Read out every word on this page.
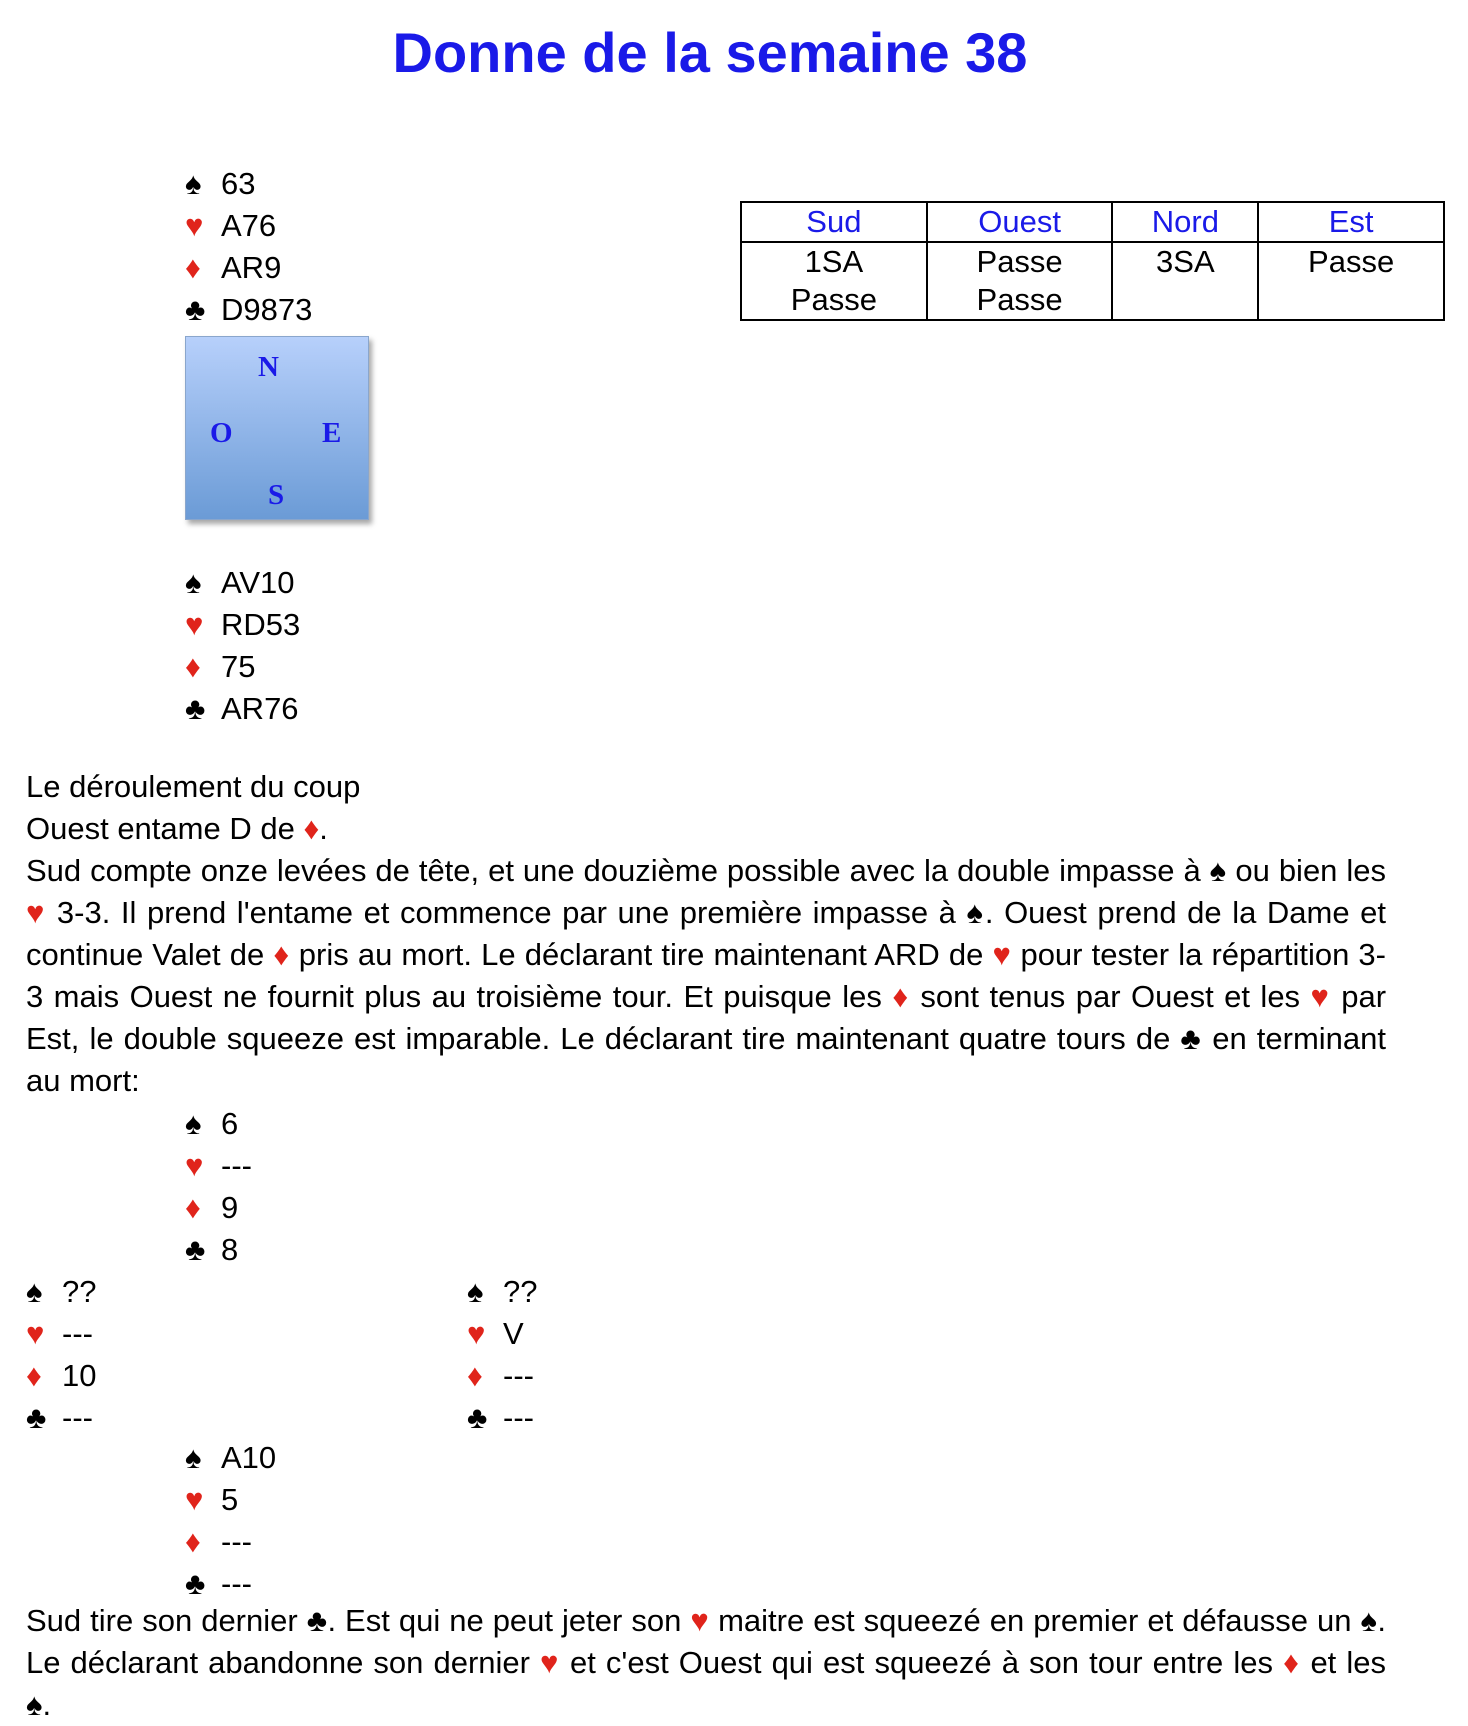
Donne de la semaine 38
♠ 63
♥ A76
♦ AR9
♣ D9873
N
O	E
S
♠ AV10
♥ RD53
♦ 75
♣ AR76
Sud	Ouest	Nord	Est
1SA	Passe	3SA	Passe
Passe	Passe		

Le déroulement du coup

Ouest entame D de ♦.

Sud compte onze levées de tête, et une douzième possible avec la double impasse à ♠ ou bien les ♥ 3-3. Il prend l'entame et commence par une première impasse à ♠. Ouest prend de la Dame et continue Valet de ♦ pris au mort. Le déclarant tire maintenant ARD de ♥ pour tester la répartition 3-3 mais Ouest ne fournit plus au troisième tour. Et puisque les ♦ sont tenus par Ouest et les ♥ par Est, le double squeeze est imparable. Le déclarant tire maintenant quatre tours de ♣ en terminant au mort:

♠ 6
♥ ---
♦ 9
♣ 8
♠ ??
♥ ---
♦ 10
♣ ---
♠ ??
♥ V
♦ ---
♣ ---
♠ A10
♥ 5
♦ ---
♣ ---

Sud tire son dernier ♣. Est qui ne peut jeter son ♥ maitre est squeezé en premier et défausse un ♠. Le déclarant abandonne son dernier ♥ et c'est Ouest qui est squeezé à son tour entre les ♦ et les ♠.
